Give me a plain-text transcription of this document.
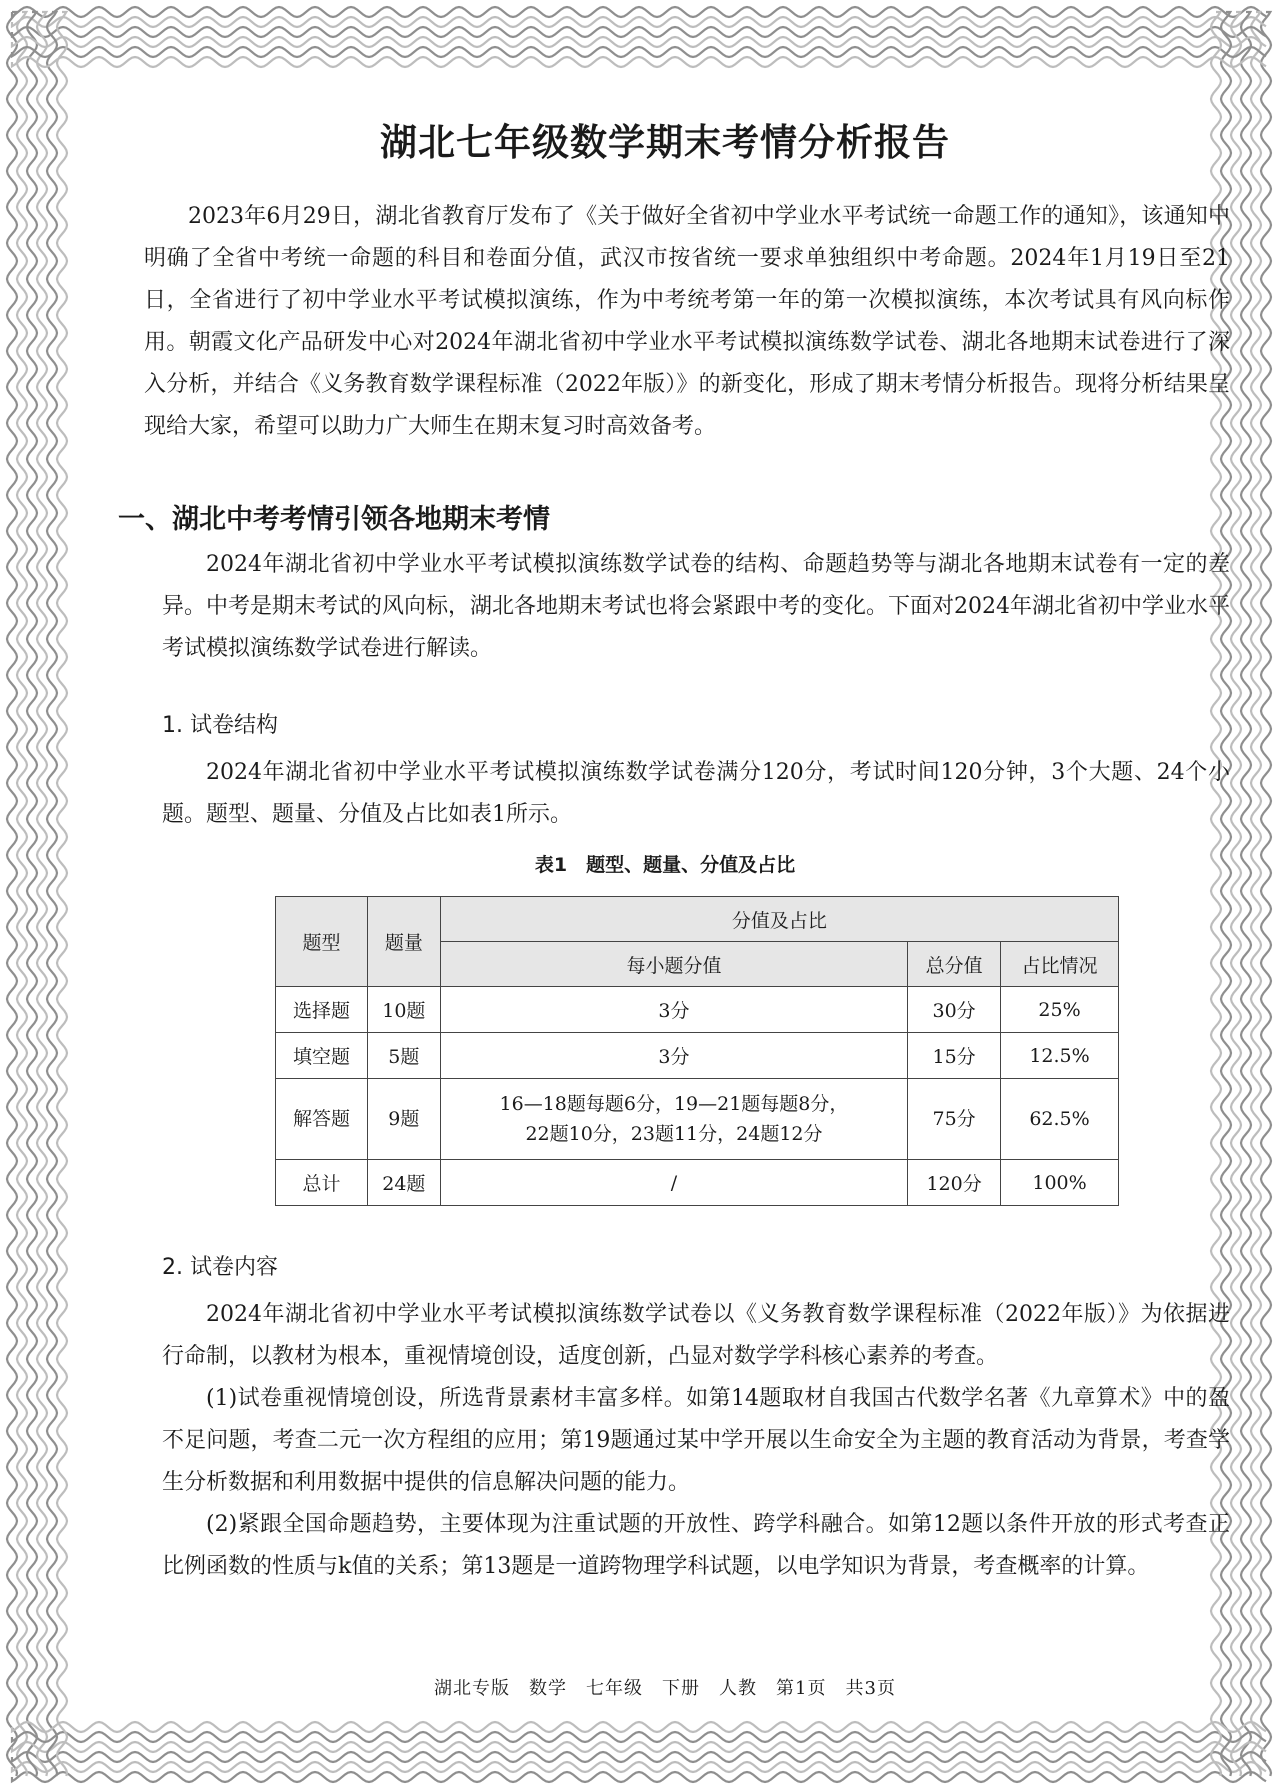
湖北七年级数学期末考情分析报告

2023年6月29日，湖北省教育厅发布了《关于做好全省初中学业水平考试统一命题工作的通知》，该通知中明确了全省中考统一命题的科目和卷面分值，武汉市按省统一要求单独组织中考命题。2024年1月19日至21日，全省进行了初中学业水平考试模拟演练，作为中考统考第一年的第一次模拟演练，本次考试具有风向标作用。朝霞文化产品研发中心对2024年湖北省初中学业水平考试模拟演练数学试卷、湖北各地期末试卷进行了深入分析，并结合《义务教育数学课程标准（2022年版）》的新变化，形成了期末考情分析报告。现将分析结果呈现给大家，希望可以助力广大师生在期末复习时高效备考。

一、湖北中考考情引领各地期末考情

2024年湖北省初中学业水平考试模拟演练数学试卷的结构、命题趋势等与湖北各地期末试卷有一定的差异。中考是期末考试的风向标，湖北各地期末考试也将会紧跟中考的变化。下面对2024年湖北省初中学业水平考试模拟演练数学试卷进行解读。

1. 试卷结构

2024年湖北省初中学业水平考试模拟演练数学试卷满分120分，考试时间120分钟，3个大题、24个小题。题型、题量、分值及占比如表1所示。

表1　题型、题量、分值及占比

题型	题量	分值及占比		
		每小题分值	总分值	占比情况
选择题	10题	3分	30分	25%
填空题	5题	3分	15分	12.5%
解答题	9题	16—18题每题6分，19—21题每题8分，
22题10分，23题11分，24题12分	75分	62.5%
总计	24题	/	120分	100%
2. 试卷内容

2024年湖北省初中学业水平考试模拟演练数学试卷以《义务教育数学课程标准（2022年版）》为依据进行命制，以教材为根本，重视情境创设，适度创新，凸显对数学学科核心素养的考查。

(1)试卷重视情境创设，所选背景素材丰富多样。如第14题取材自我国古代数学名著《九章算术》中的盈不足问题，考查二元一次方程组的应用；第19题通过某中学开展以生命安全为主题的教育活动为背景，考查学生分析数据和利用数据中提供的信息解决问题的能力。

(2)紧跟全国命题趋势，主要体现为注重试题的开放性、跨学科融合。如第12题以条件开放的形式考查正比例函数的性质与k值的关系；第13题是一道跨物理学科试题，以电学知识为背景，考查概率的计算。

湖北专版　数学　七年级　下册　人教　第1页　共3页
